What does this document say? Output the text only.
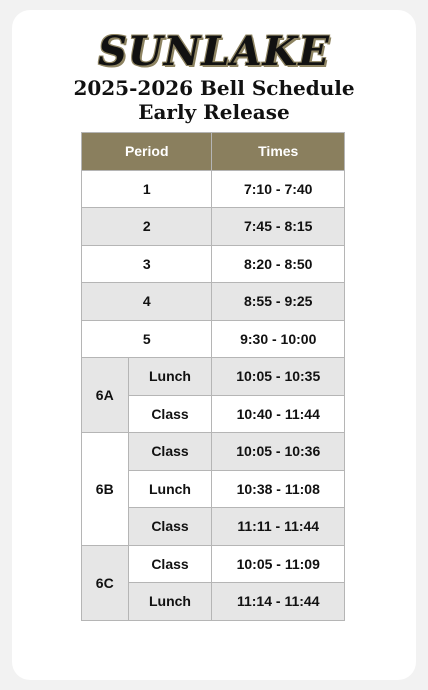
SUNLAKE
2025-2026 Bell Schedule
Early Release
Period		Times
1		7:10 - 7:40
2		7:45 - 8:15
3		8:20 - 8:50
4		8:55 - 9:25
5		9:30 - 10:00
6A	Lunch	10:05 - 10:35
	Class	10:40 - 11:44
6B	Class	10:05 - 10:36
	Lunch	10:38 - 11:08
	Class	11:11 - 11:44
6C	Class	10:05 - 11:09
	Lunch	11:14 - 11:44
